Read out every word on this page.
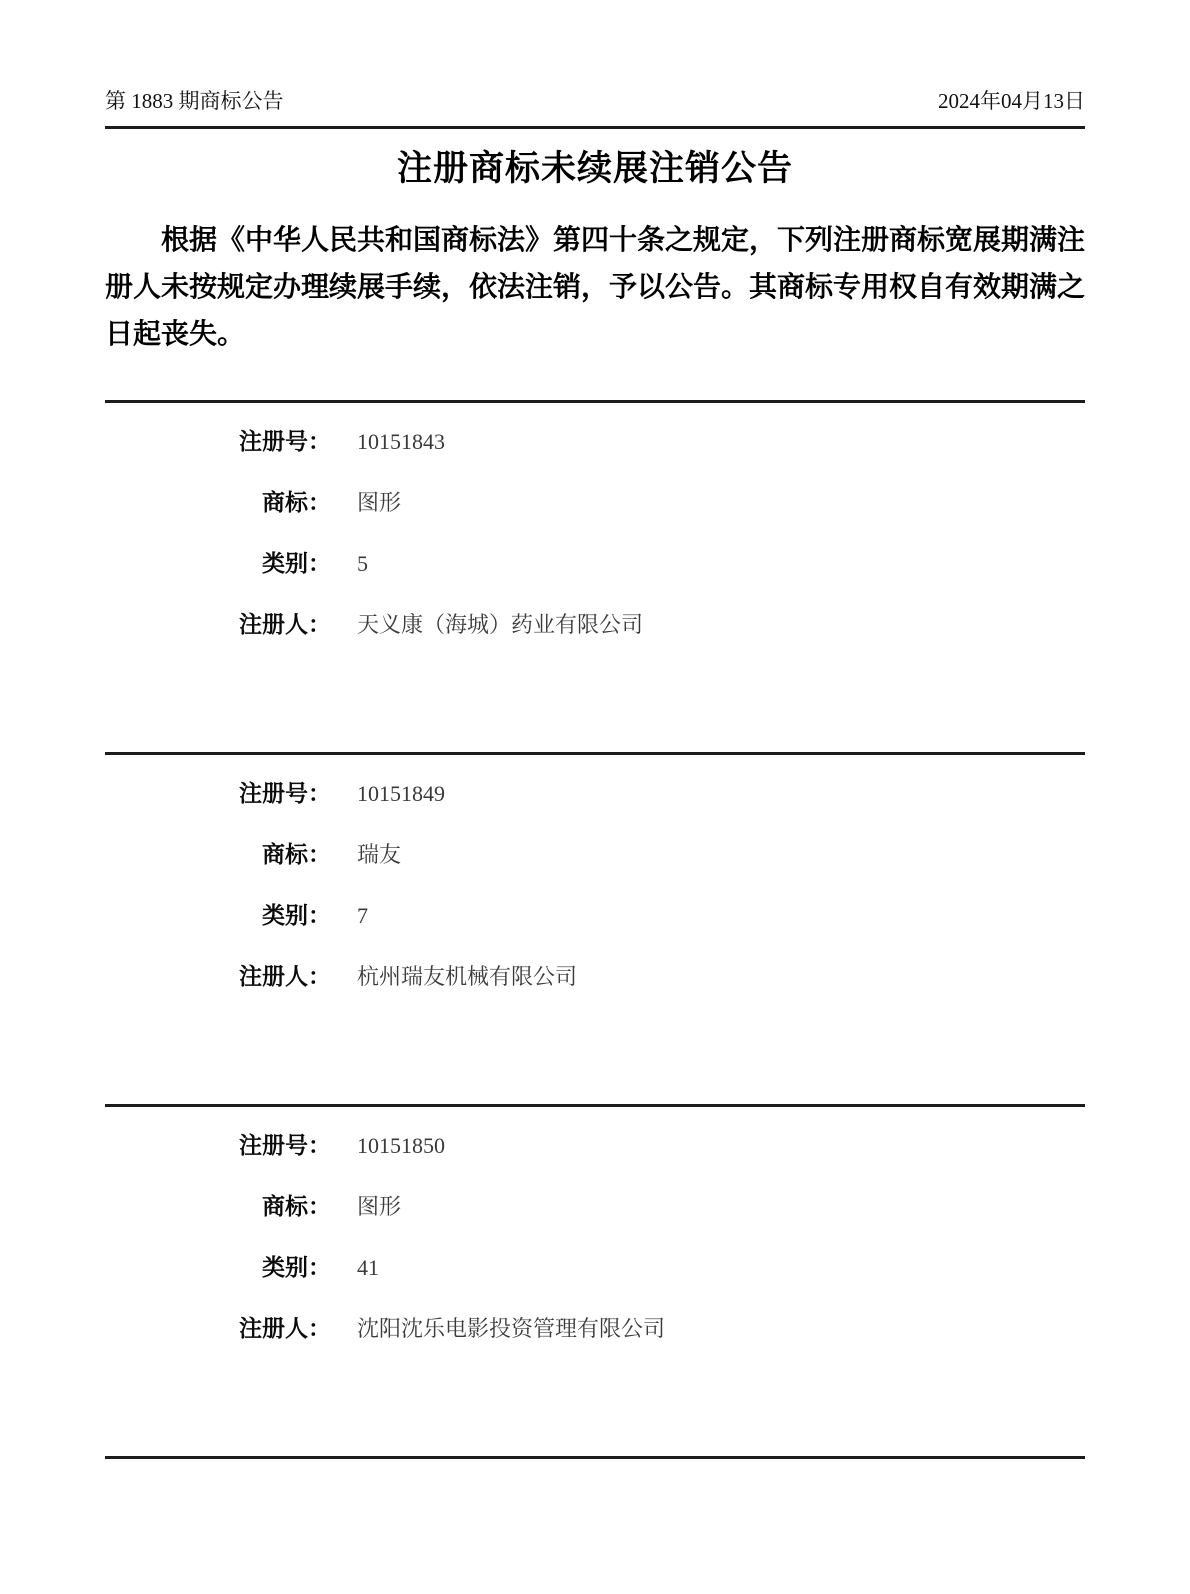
第 1883 期商标公告	2024年04月13日
注册商标未续展注销公告

根据《中华人民共和国商标法》第四十条之规定，下列注册商标宽展期满注册人未按规定办理续展手续，依法注销，予以公告。其商标专用权自有效期满之日起丧失。

注册号： 10151843
商标： 图形
类别： 5
注册人： 天义康（海城）药业有限公司
注册号： 10151849
商标： 瑞友
类别： 7
注册人： 杭州瑞友机械有限公司
注册号： 10151850
商标： 图形
类别： 41
注册人： 沈阳沈乐电影投资管理有限公司
